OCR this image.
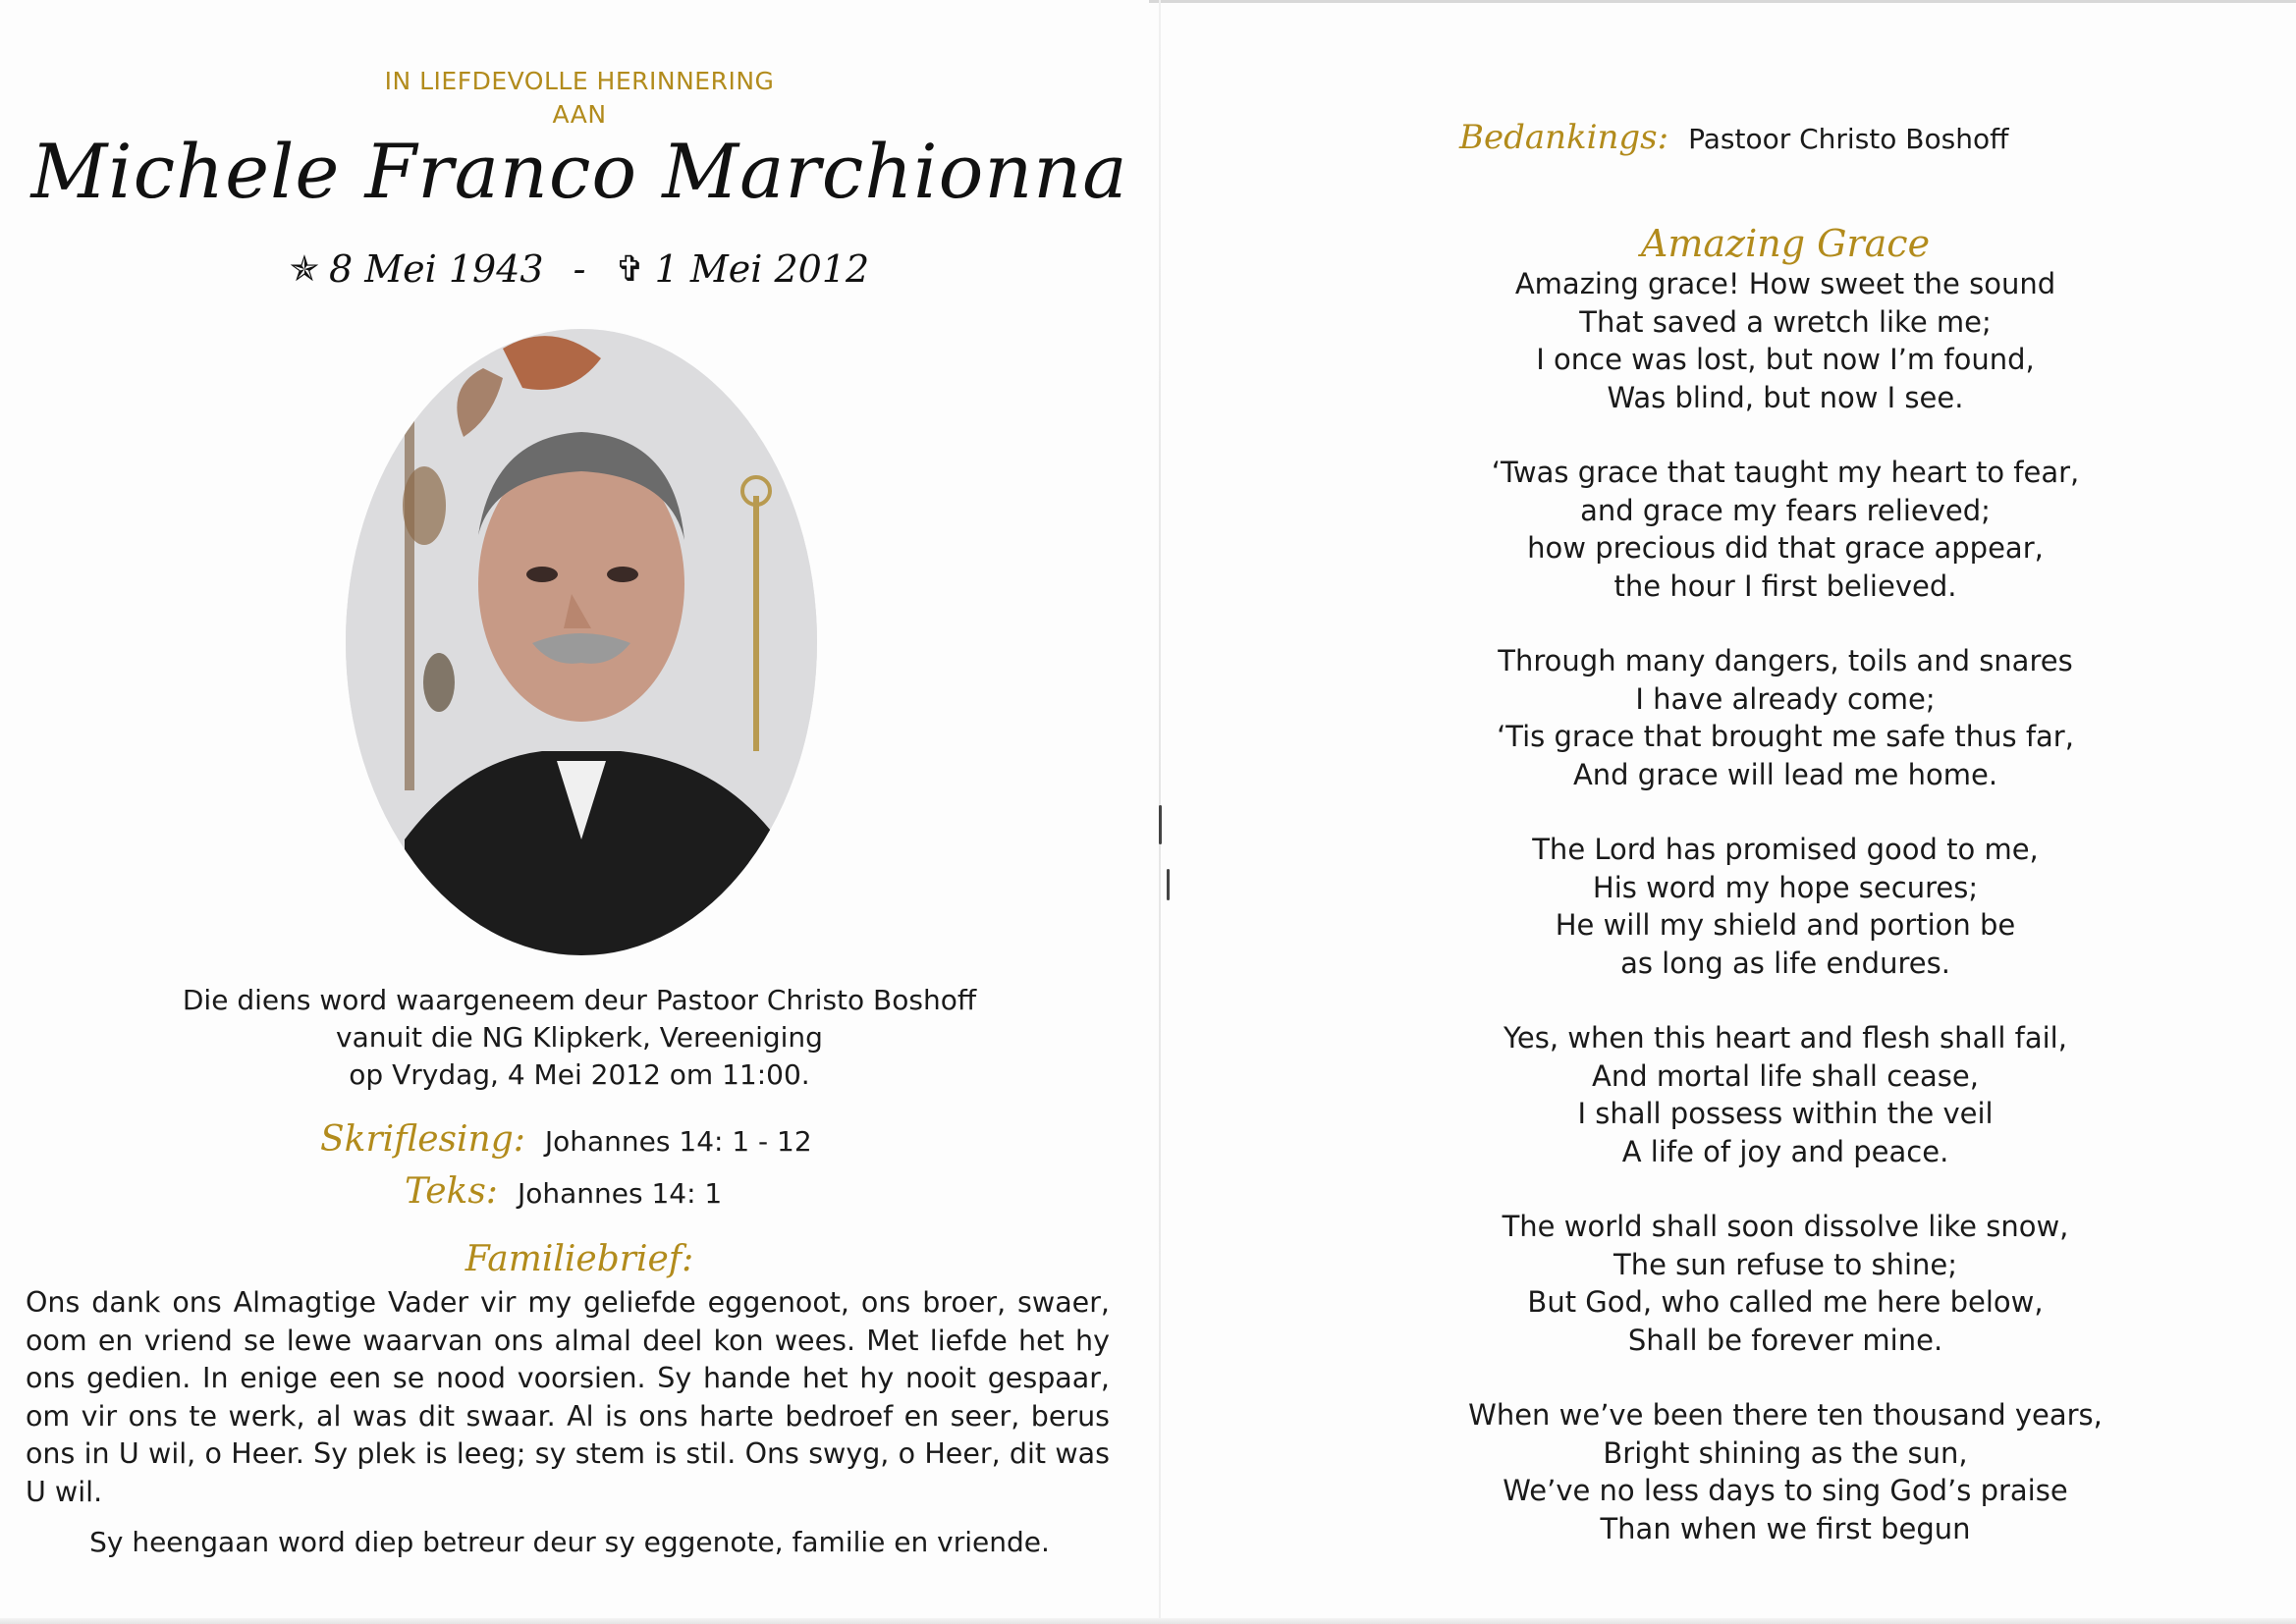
IN LIEFDEVOLLE HERINNERING
AAN
Michele Franco Marchionna
✯ 8 Mei 1943 - ✞ 1 Mei 2012
Die diens word waargeneem deur Pastoor Christo Boshoff
vanuit die NG Klipkerk, Vereeniging
op Vrydag, 4 Mei 2012 om 11:00.
Skriflesing: Johannes 14: 1 - 12
Teks: Johannes 14: 1
Familiebrief:
Ons dank ons Almagtige Vader vir my geliefde eggenoot, ons broer, swaer, oom en vriend se lewe waarvan ons almal deel kon wees. Met liefde het hy ons gedien. In enige een se nood voorsien. Sy hande het hy nooit gespaar, om vir ons te werk, al was dit swaar. Al is ons harte bedroef en seer, berus ons in U wil, o Heer. Sy plek is leeg; sy stem is stil. Ons swyg, o Heer, dit was U wil.
Sy heengaan word diep betreur deur sy eggenote, familie en vriende.
Bedankings: Pastoor Christo Boshoff
Amazing Grace
Amazing grace! How sweet the sound
That saved a wretch like me;
I once was lost, but now I’m found,
Was blind, but now I see.
‘Twas grace that taught my heart to fear,
and grace my fears relieved;
how precious did that grace appear,
the hour I first believed.
Through many dangers, toils and snares
I have already come;
‘Tis grace that brought me safe thus far,
And grace will lead me home.
The Lord has promised good to me,
His word my hope secures;
He will my shield and portion be
as long as life endures.
Yes, when this heart and flesh shall fail,
And mortal life shall cease,
I shall possess within the veil
A life of joy and peace.
The world shall soon dissolve like snow,
The sun refuse to shine;
But God, who called me here below,
Shall be forever mine.
When we’ve been there ten thousand years,
Bright shining as the sun,
We’ve no less days to sing God’s praise
Than when we first begun
